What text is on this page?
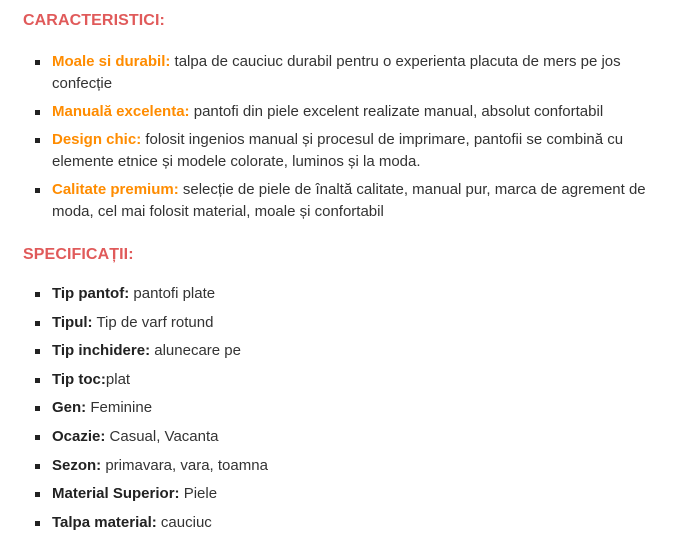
CARACTERISTICI:
Moale si durabil: talpa de cauciuc durabil pentru o experienta placuta de mers pe jos confecție
Manuală excelenta: pantofi din piele excelent realizate manual, absolut confortabil
Design chic: folosit ingenios manual și procesul de imprimare, pantofii se combină cu elemente etnice și modele colorate, luminos și la moda.
Calitate premium: selecție de piele de înaltă calitate, manual pur, marca de agrement de moda, cel mai folosit material, moale și confortabil
SPECIFICAȚII:
Tip pantof: pantofi plate
Tipul: Tip de varf rotund
Tip inchidere: alunecare pe
Tip toc:plat
Gen: Feminine
Ocazie: Casual, Vacanta
Sezon: primavara, vara, toamna
Material Superior: Piele
Talpa material: cauciuc
